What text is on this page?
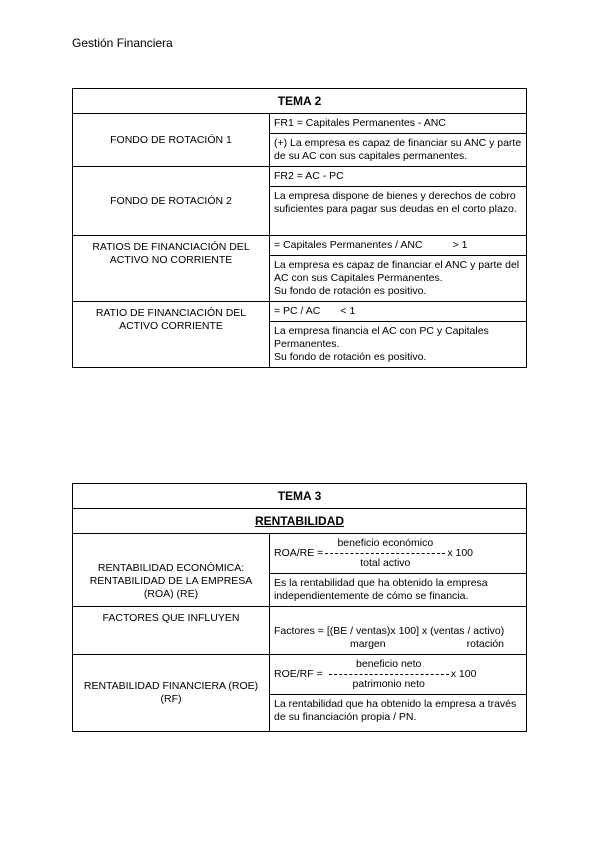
Gestión Financiera
TEMA 2	
FONDO DE ROTACIÓN 1	FR1 = Capitales Permanentes - ANC
	(+) La empresa es capaz de financiar su ANC y parte de su AC con sus capitales permanentes.
FONDO DE ROTACIÓN 2	FR2 = AC - PC
	La empresa dispone de bienes y derechos de cobro suficientes para pagar sus deudas en el corto plazo.
RATIOS DE FINANCIACIÓN DEL ACTIVO NO CORRIENTE	= Capitales Permanentes / ANC > 1
	La empresa es capaz de financiar el ANC y parte del AC con sus Capitales Permanentes.
Su fondo de rotación es positivo.
RATIO DE FINANCIACIÓN DEL ACTIVO CORRIENTE	= PC / AC < 1
	La empresa financia el AC con PC y Capitales Permanentes.
Su fondo de rotación es positivo.
TEMA 3	
RENTABILIDAD	
RENTABILIDAD ECONÓMICA: RENTABILIDAD DE LA EMPRESA (ROA) (RE)	$ROA/RE = \frac{\text{beneficio económico}}{\text{total activo}}$ x 100

	Es la rentabilidad que ha obtenido la empresa independientemente de cómo se financia.
FACTORES QUE INFLUYEN	Factores = [(BE / ventas)x 100] x (ventas / activo)
margen rotación

RENTABILIDAD FINANCIERA (ROE) (RF)	$ROE/RF = \frac{\text{beneficio neto}}{\text{patrimonio neto}}$ x 100

	La rentabilidad que ha obtenido la empresa a través de su financiación propia / PN.
